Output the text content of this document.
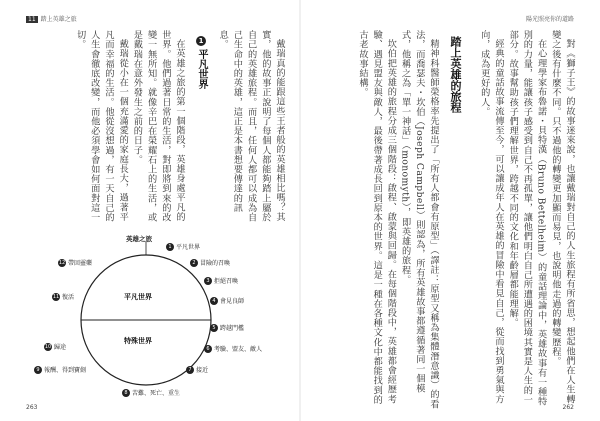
11 踏上英雄之旅	陽光照亮你的道路

對《獅子王》的故事迷來說，也讓戴瑞對自己的人生旅程有所省思，想起他們在人生轉變之後有什麼不同。只不過他的轉變更加顯而易見，也說明他走過的轉變歷程。

在心理學家布魯諾・貝特漢（Bruno Bettelheim）的童話理論中，英雄故事有一種特別的力量，能讓孩子感受到自己不再孤單，讓他們明白自己所遭遇的困境其實是人生的一部分。故事幫助孩子們理解世界，跨越不同的文化和年齡層都能理解。

經典的童話故事流傳至今，可以讓成年人在英雄的冒險中看見自己，從而找到勇氣與方向，成為更好的人。

踏上英雄的旅程

精神科醫師榮格率先提出了「所有人都會有原型」（譯註：原型又稱為集體潛意識）的看法，而喬瑟夫・坎伯（Joseph Campbell）則認為，所有英雄故事都遵循著同一個模式，他稱之為「單一神話」（monomyth），即英雄的旅程。

坎伯把英雄的旅程分成三個階段：啟程、啟蒙與回歸。在每個階段中，英雄都會經歷考驗、遇見盟友與敵人，最後帶著成長回到原本的世界。這是一種在各種文化中都能找到的古老故事結構。

戴瑞真的能跟這些王者般的英雄相比嗎？其實，他的故事正說明了每個人都能夠踏上屬於自己的英雄旅程。而且，任何人都可以成為自己生命中的英雄，這正是本書想要傳達的訊息。

1平凡世界

在英雄之旅的第一個階段，英雄身處平凡的世界。他們過著日常的生活，對即將到來的改變一無所知。就像辛巴在榮耀石上的生活，或是戴瑞在意外發生之前的日子。

戴瑞從小在一個充滿愛的家庭長大，過著平凡而幸福的生活。他從沒想過，有一天自己的人生會徹底改變，而他必須學會如何面對這一切。

英雄之旅
平凡世界
特殊世界
1 平凡世界
2 冒險的召喚
3 拒絕召喚
4 會見良師
5 跨越門檻
6 考驗、盟友、敵人
7 接近
8 苦難、死亡、重生
9 報酬、得到寶劍
10 歸途
11 復活
12 帶回靈藥
263	262
